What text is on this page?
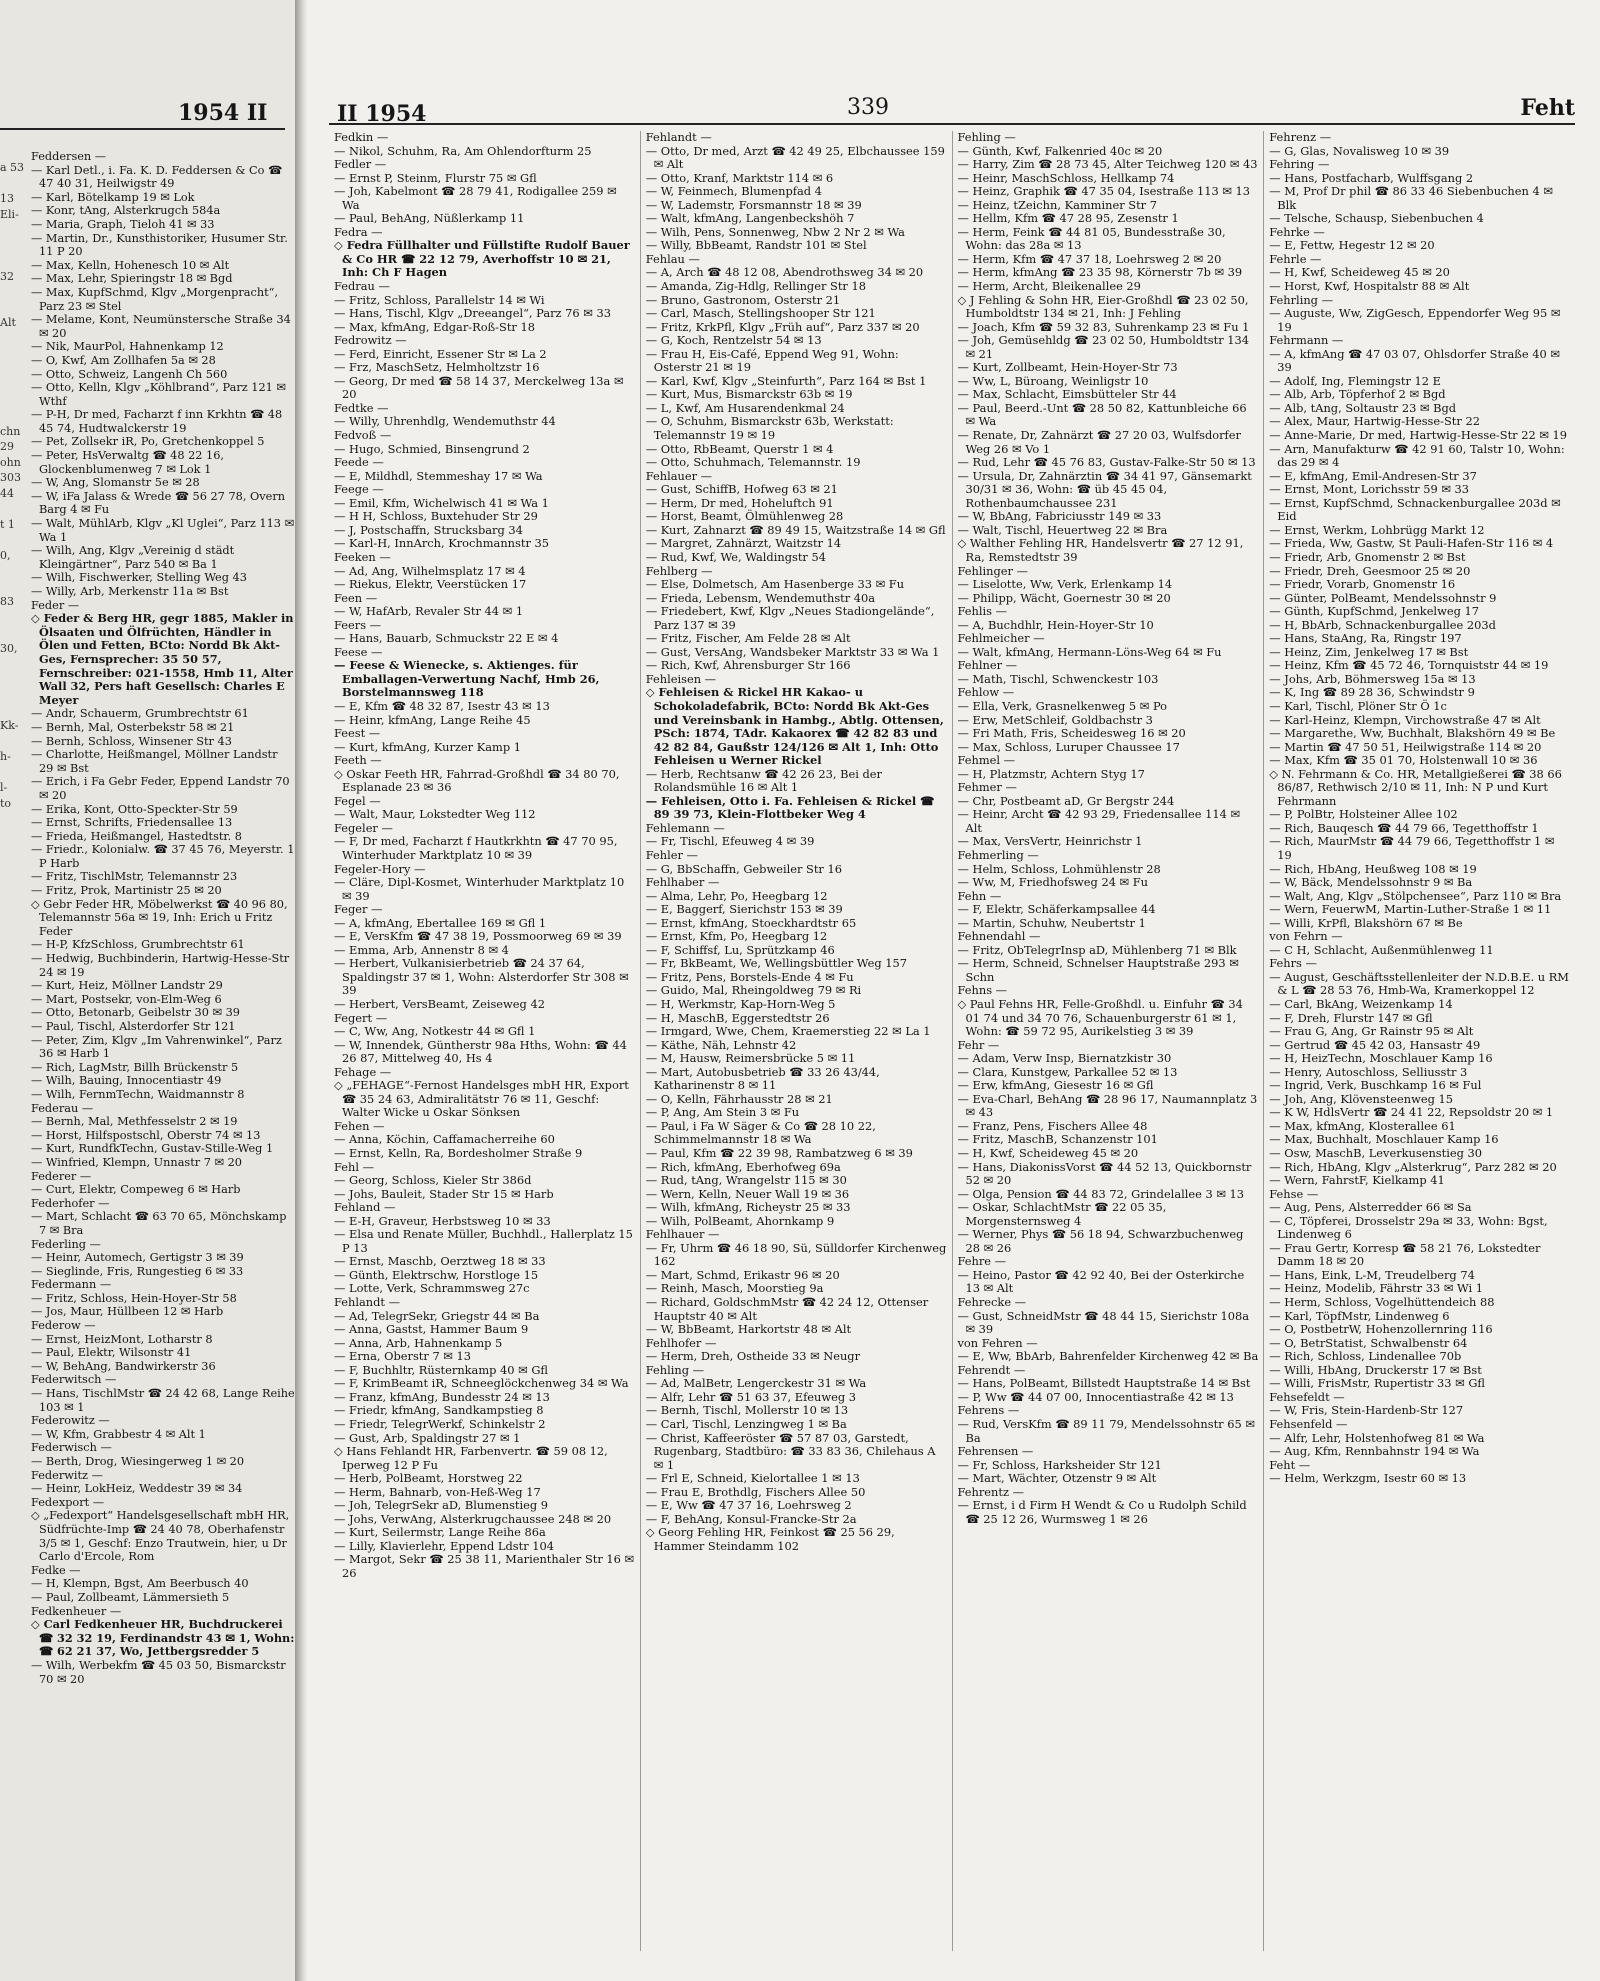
1954 II
a 53

13
Eli-

32

Alt

chn
29
ohn
303
44

t 1

0,

83

30,

Kk-

h-

l-
to

Feddersen —

— Karl Detl., i. Fa. K. D. Feddersen & Co ☎ 47 40 31, Heilwigstr 49

— Karl, Bötelkamp 19 ✉ Lok

— Konr, tAng, Alsterkrugch 584a

— Maria, Graph, Tieloh 41 ✉ 33

— Martin, Dr., Kunsthistoriker, Husumer Str. 11 P 20

— Max, Kelln, Hohenesch 10 ✉ Alt

— Max, Lehr, Spieringstr 18 ✉ Bgd

— Max, KupfSchmd, Klgv „Morgenpracht“, Parz 23 ✉ Stel

— Melame, Kont, Neumünstersche Straße 34 ✉ 20

— Nik, MaurPol, Hahnenkamp 12

— O, Kwf, Am Zollhafen 5a ✉ 28

— Otto, Schweiz, Langenh Ch 560

— Otto, Kelln, Klgv „Köhlbrand“, Parz 121 ✉ Wthf

— P-H, Dr med, Facharzt f inn Krkhtn ☎ 48 45 74, Hudtwalckerstr 19

— Pet, Zollsekr iR, Po, Gretchenkoppel 5

— Peter, HsVerwaltg ☎ 48 22 16, Glockenblumenweg 7 ✉ Lok 1

— W, Ang, Slomanstr 5e ✉ 28

— W, iFa Jalass & Wrede ☎ 56 27 78, Overn Barg 4 ✉ Fu

— Walt, MühlArb, Klgv „Kl Uglei“, Parz 113 ✉ Wa 1

— Wilh, Ang, Klgv „Vereinig d städt Kleingärtner“, Parz 540 ✉ Ba 1

— Wilh, Fischwerker, Stelling Weg 43

— Willy, Arb, Merkenstr 11a ✉ Bst

Feder —

◇ Feder & Berg HR, gegr 1885, Makler in Ölsaaten und Ölfrüchten, Händler in Ölen und Fetten, BCto: Nordd Bk Akt-Ges, Fernsprecher: 35 50 57, Fernschreiber: 021-1558, Hmb 11, Alter Wall 32, Pers haft Gesellsch: Charles E Meyer

— Andr, Schauerm, Grumbrechtstr 61

— Bernh, Mal, Osterbekstr 58 ✉ 21

— Bernh, Schloss, Winsener Str 43

— Charlotte, Heißmangel, Möllner Landstr 29 ✉ Bst

— Erich, i Fa Gebr Feder, Eppend Landstr 70 ✉ 20

— Erika, Kont, Otto-Speckter-Str 59

— Ernst, Schrifts, Friedensallee 13

— Frieda, Heißmangel, Hastedtstr. 8

— Friedr., Kolonialw. ☎ 37 45 76, Meyerstr. 1 P Harb

— Fritz, TischlMstr, Telemannstr 23

— Fritz, Prok, Martinistr 25 ✉ 20

◇ Gebr Feder HR, Möbelwerkst ☎ 40 96 80, Telemannstr 56a ✉ 19, Inh: Erich u Fritz Feder

— H-P, KfzSchloss, Grumbrechtstr 61

— Hedwig, Buchbinderin, Hartwig-Hesse-Str 24 ✉ 19

— Kurt, Heiz, Möllner Landstr 29

— Mart, Postsekr, von-Elm-Weg 6

— Otto, Betonarb, Geibelstr 30 ✉ 39

— Paul, Tischl, Alsterdorfer Str 121

— Peter, Zim, Klgv „Im Vahrenwinkel“, Parz 36 ✉ Harb 1

— Rich, LagMstr, Billh Brückenstr 5

— Wilh, Bauing, Innocentiastr 49

— Wilh, FernmTechn, Waidmannstr 8

Federau —

— Bernh, Mal, Methfesselstr 2 ✉ 19

— Horst, Hilfspostschl, Oberstr 74 ✉ 13

— Kurt, RundfkTechn, Gustav-Stille-Weg 1

— Winfried, Klempn, Unnastr 7 ✉ 20

Federer —

— Curt, Elektr, Compeweg 6 ✉ Harb

Federhofer —

— Mart, Schlacht ☎ 63 70 65, Mönchskamp 7 ✉ Bra

Federling —

— Heinr, Automech, Gertigstr 3 ✉ 39

— Sieglinde, Fris, Rungestieg 6 ✉ 33

Federmann —

— Fritz, Schloss, Hein-Hoyer-Str 58

— Jos, Maur, Hüllbeen 12 ✉ Harb

Federow —

— Ernst, HeizMont, Lotharstr 8

— Paul, Elektr, Wilsonstr 41

— W, BehAng, Bandwirkerstr 36

Federwitsch —

— Hans, TischlMstr ☎ 24 42 68, Lange Reihe 103 ✉ 1

Federowitz —

— W, Kfm, Grabbestr 4 ✉ Alt 1

Federwisch —

— Berth, Drog, Wiesingerweg 1 ✉ 20

Federwitz —

— Heinr, LokHeiz, Weddestr 39 ✉ 34

Fedexport —

◇ „Fedexport“ Handelsgesellschaft mbH HR, Südfrüchte-Imp ☎ 24 40 78, Oberhafenstr 3/5 ✉ 1, Geschf: Enzo Trautwein, hier, u Dr Carlo d'Ercole, Rom

Fedke —

— H, Klempn, Bgst, Am Beerbusch 40

— Paul, Zollbeamt, Lämmersieth 5

Fedkenheuer —

◇ Carl Fedkenheuer HR, Buchdruckerei ☎ 32 32 19, Ferdinandstr 43 ✉ 1, Wohn: ☎ 62 21 37, Wo, Jettbergsredder 5

— Wilh, Werbekfm ☎ 45 03 50, Bismarckstr 70 ✉ 20

II 1954	339	Feht

Fedkin —

— Nikol, Schuhm, Ra, Am Ohlendorfturm 25

Fedler —

— Ernst P, Steinm, Flurstr 75 ✉ Gfl

— Joh, Kabelmont ☎ 28 79 41, Rodigallee 259 ✉ Wa

— Paul, BehAng, Nüßlerkamp 11

Fedra —

◇ Fedra Füllhalter und Füllstifte Rudolf Bauer & Co HR ☎ 22 12 79, Averhoffstr 10 ✉ 21, Inh: Ch F Hagen

Fedrau —

— Fritz, Schloss, Parallelstr 14 ✉ Wi

— Hans, Tischl, Klgv „Dreeangel“, Parz 76 ✉ 33

— Max, kfmAng, Edgar-Roß-Str 18

Fedrowitz —

— Ferd, Einricht, Essener Str ✉ La 2

— Frz, MaschSetz, Helmholtzstr 16

— Georg, Dr med ☎ 58 14 37, Merckelweg 13a ✉ 20

Fedtke —

— Willy, Uhrenhdlg, Wendemuthstr 44

Fedvoß —

— Hugo, Schmied, Binsengrund 2

Feede —

— E, Mildhdl, Stemmeshay 17 ✉ Wa

Feege —

— Emil, Kfm, Wichelwisch 41 ✉ Wa 1

— H H, Schloss, Buxtehuder Str 29

— J, Postschaffn, Strucksbarg 34

— Karl-H, InnArch, Krochmannstr 35

Feeken —

— Ad, Ang, Wilhelmsplatz 17 ✉ 4

— Riekus, Elektr, Veerstücken 17

Feen —

— W, HafArb, Revaler Str 44 ✉ 1

Feers —

— Hans, Bauarb, Schmuckstr 22 E ✉ 4

Feese —

— Feese & Wienecke, s. Aktienges. für Emballagen-Verwertung Nachf, Hmb 26, Borstelmannsweg 118

— E, Kfm ☎ 48 32 87, Isestr 43 ✉ 13

— Heinr, kfmAng, Lange Reihe 45

Feest —

— Kurt, kfmAng, Kurzer Kamp 1

Feeth —

◇ Oskar Feeth HR, Fahrrad-Großhdl ☎ 34 80 70, Esplanade 23 ✉ 36

Fegel —

— Walt, Maur, Lokstedter Weg 112

Fegeler —

— F, Dr med, Facharzt f Hautkrkhtn ☎ 47 70 95, Winterhuder Marktplatz 10 ✉ 39

Fegeler-Hory —

— Cläre, Dipl-Kosmet, Winterhuder Marktplatz 10 ✉ 39

Feger —

— A, kfmAng, Ebertallee 169 ✉ Gfl 1

— E, VersKfm ☎ 47 38 19, Possmoorweg 69 ✉ 39

— Emma, Arb, Annenstr 8 ✉ 4

— Herbert, Vulkanisierbetrieb ☎ 24 37 64, Spaldingstr 37 ✉ 1, Wohn: Alsterdorfer Str 308 ✉ 39

— Herbert, VersBeamt, Zeiseweg 42

Fegert —

— C, Ww, Ang, Notkestr 44 ✉ Gfl 1

— W, Innendek, Güntherstr 98a Hths, Wohn: ☎ 44 26 87, Mittelweg 40, Hs 4

Fehage —

◇ „FEHAGE“-Fernost Handelsges mbH HR, Export ☎ 35 24 63, Admiralitätstr 76 ✉ 11, Geschf: Walter Wicke u Oskar Sönksen

Fehen —

— Anna, Köchin, Caffamacherreihe 60

— Ernst, Kelln, Ra, Bordesholmer Straße 9

Fehl —

— Georg, Schloss, Kieler Str 386d

— Johs, Bauleit, Stader Str 15 ✉ Harb

Fehland —

— E-H, Graveur, Herbstsweg 10 ✉ 33

— Elsa und Renate Müller, Buchhdl., Hallerplatz 15 P 13

— Ernst, Maschb, Oerztweg 18 ✉ 33

— Günth, Elektrschw, Horstloge 15

— Lotte, Verk, Schrammsweg 27c

Fehlandt —

— Ad, TelegrSekr, Griegstr 44 ✉ Ba

— Anna, Gastst, Hammer Baum 9

— Anna, Arb, Hahnenkamp 5

— Erna, Oberstr 7 ✉ 13

— F, Buchhltr, Rüsternkamp 40 ✉ Gfl

— F, KrimBeamt iR, Schneeglöckchenweg 34 ✉ Wa

— Franz, kfmAng, Bundesstr 24 ✉ 13

— Friedr, kfmAng, Sandkampstieg 8

— Friedr, TelegrWerkf, Schinkelstr 2

— Gust, Arb, Spaldingstr 27 ✉ 1

◇ Hans Fehlandt HR, Farbenvertr. ☎ 59 08 12, Iperweg 12 P Fu

— Herb, PolBeamt, Horstweg 22

— Herm, Bahnarb, von-Heß-Weg 17

— Joh, TelegrSekr aD, Blumenstieg 9

— Johs, VerwAng, Alsterkrugchaussee 248 ✉ 20

— Kurt, Seilermstr, Lange Reihe 86a

— Lilly, Klavierlehr, Eppend Ldstr 104

— Margot, Sekr ☎ 25 38 11, Marienthaler Str 16 ✉ 26

Fehlandt —

— Otto, Dr med, Arzt ☎ 42 49 25, Elbchaussee 159 ✉ Alt

— Otto, Kranf, Marktstr 114 ✉ 6

— W, Feinmech, Blumenpfad 4

— W, Lademstr, Forsmannstr 18 ✉ 39

— Walt, kfmAng, Langenbeckshöh 7

— Wilh, Pens, Sonnenweg, Nbw 2 Nr 2 ✉ Wa

— Willy, BbBeamt, Randstr 101 ✉ Stel

Fehlau —

— A, Arch ☎ 48 12 08, Abendrothsweg 34 ✉ 20

— Amanda, Zig-Hdlg, Rellinger Str 18

— Bruno, Gastronom, Osterstr 21

— Carl, Masch, Stellingshooper Str 121

— Fritz, KrkPfl, Klgv „Früh auf“, Parz 337 ✉ 20

— G, Koch, Rentzelstr 54 ✉ 13

— Frau H, Eis-Café, Eppend Weg 91, Wohn: Osterstr 21 ✉ 19

— Karl, Kwf, Klgv „Steinfurth“, Parz 164 ✉ Bst 1

— Kurt, Mus, Bismarckstr 63b ✉ 19

— L, Kwf, Am Husarendenkmal 24

— O, Schuhm, Bismarckstr 63b, Werkstatt: Telemannstr 19 ✉ 19

— Otto, RbBeamt, Querstr 1 ✉ 4

— Otto, Schuhmach, Telemannstr. 19

Fehlauer —

— Gust, SchiffB, Hofweg 63 ✉ 21

— Herm, Dr med, Hoheluftch 91

— Horst, Beamt, Ölmühlenweg 28

— Kurt, Zahnarzt ☎ 89 49 15, Waitzstraße 14 ✉ Gfl

— Margret, Zahnärzt, Waitzstr 14

— Rud, Kwf, We, Waldingstr 54

Fehlberg —

— Else, Dolmetsch, Am Hasenberge 33 ✉ Fu

— Frieda, Lebensm, Wendemuthstr 40a

— Friedebert, Kwf, Klgv „Neues Stadiongelände“, Parz 137 ✉ 39

— Fritz, Fischer, Am Felde 28 ✉ Alt

— Gust, VersAng, Wandsbeker Marktstr 33 ✉ Wa 1

— Rich, Kwf, Ahrensburger Str 166

Fehleisen —

◇ Fehleisen & Rickel HR Kakao- u Schokoladefabrik, BCto: Nordd Bk Akt-Ges und Vereinsbank in Hambg., Abtlg. Ottensen, PSch: 1874, TAdr. Kakaorex ☎ 42 82 83 und 42 82 84, Gaußstr 124/126 ✉ Alt 1, Inh: Otto Fehleisen u Werner Rickel

— Herb, Rechtsanw ☎ 42 26 23, Bei der Rolandsmühle 16 ✉ Alt 1

— Fehleisen, Otto i. Fa. Fehleisen & Rickel ☎ 89 39 73, Klein-Flottbeker Weg 4

Fehlemann —

— Fr, Tischl, Efeuweg 4 ✉ 39

Fehler —

— G, BbSchaffn, Gebweiler Str 16

Fehlhaber —

— Alma, Lehr, Po, Heegbarg 12

— E, Baggerf, Sierichstr 153 ✉ 39

— Ernst, kfmAng, Stoeckhardtstr 65

— Ernst, Kfm, Po, Heegbarg 12

— F, Schiffsf, Lu, Sprützkamp 46

— Fr, BkBeamt, We, Wellingsbüttler Weg 157

— Fritz, Pens, Borstels-Ende 4 ✉ Fu

— Guido, Mal, Rheingoldweg 79 ✉ Ri

— H, Werkmstr, Kap-Horn-Weg 5

— H, MaschB, Eggerstedtstr 26

— Irmgard, Wwe, Chem, Kraemerstieg 22 ✉ La 1

— Käthe, Näh, Lehnstr 42

— M, Hausw, Reimersbrücke 5 ✉ 11

— Mart, Autobusbetrieb ☎ 33 26 43/44, Katharinenstr 8 ✉ 11

— O, Kelln, Fährhausstr 28 ✉ 21

— P, Ang, Am Stein 3 ✉ Fu

— Paul, i Fa W Säger & Co ☎ 28 10 22, Schimmelmannstr 18 ✉ Wa

— Paul, Kfm ☎ 22 39 98, Rambatzweg 6 ✉ 39

— Rich, kfmAng, Eberhofweg 69a

— Rud, tAng, Wrangelstr 115 ✉ 30

— Wern, Kelln, Neuer Wall 19 ✉ 36

— Wilh, kfmAng, Richeystr 25 ✉ 33

— Wilh, PolBeamt, Ahornkamp 9

Fehlhauer —

— Fr, Uhrm ☎ 46 18 90, Sü, Sülldorfer Kirchenweg 162

— Mart, Schmd, Erikastr 96 ✉ 20

— Reinh, Masch, Moorstieg 9a

— Richard, GoldschmMstr ☎ 42 24 12, Ottenser Hauptstr 40 ✉ Alt

— W, BbBeamt, Harkortstr 48 ✉ Alt

Fehlhofer —

— Herm, Dreh, Ostheide 33 ✉ Neugr

Fehling —

— Ad, MalBetr, Lengerckestr 31 ✉ Wa

— Alfr, Lehr ☎ 51 63 37, Efeuweg 3

— Bernh, Tischl, Mollerstr 10 ✉ 13

— Carl, Tischl, Lenzingweg 1 ✉ Ba

— Christ, Kaffeeröster ☎ 57 87 03, Garstedt, Rugenbarg, Stadtbüro: ☎ 33 83 36, Chilehaus A ✉ 1

— Frl E, Schneid, Kielortallee 1 ✉ 13

— Frau E, Brothdlg, Fischers Allee 50

— E, Ww ☎ 47 37 16, Loehrsweg 2

— F, BehAng, Konsul-Francke-Str 2a

◇ Georg Fehling HR, Feinkost ☎ 25 56 29, Hammer Steindamm 102

Fehling —

— Günth, Kwf, Falkenried 40c ✉ 20

— Harry, Zim ☎ 28 73 45, Alter Teichweg 120 ✉ 43

— Heinr, MaschSchloss, Hellkamp 74

— Heinz, Graphik ☎ 47 35 04, Isestraße 113 ✉ 13

— Heinz, tZeichn, Kamminer Str 7

— Hellm, Kfm ☎ 47 28 95, Zesenstr 1

— Herm, Feink ☎ 44 81 05, Bundesstraße 30, Wohn: das 28a ✉ 13

— Herm, Kfm ☎ 47 37 18, Loehrsweg 2 ✉ 20

— Herm, kfmAng ☎ 23 35 98, Körnerstr 7b ✉ 39

— Herm, Archt, Bleikenallee 29

◇ J Fehling & Sohn HR, Eier-Großhdl ☎ 23 02 50, Humboldtstr 134 ✉ 21, Inh: J Fehling

— Joach, Kfm ☎ 59 32 83, Suhrenkamp 23 ✉ Fu 1

— Joh, Gemüsehldg ☎ 23 02 50, Humboldtstr 134 ✉ 21

— Kurt, Zollbeamt, Hein-Hoyer-Str 73

— Ww, L, Büroang, Weinligstr 10

— Max, Schlacht, Eimsbütteler Str 44

— Paul, Beerd.-Unt ☎ 28 50 82, Kattunbleiche 66 ✉ Wa

— Renate, Dr, Zahnärzt ☎ 27 20 03, Wulfsdorfer Weg 26 ✉ Vo 1

— Rud, Lehr ☎ 45 76 83, Gustav-Falke-Str 50 ✉ 13

— Ursula, Dr, Zahnärztin ☎ 34 41 97, Gänsemarkt 30/31 ✉ 36, Wohn: ☎ üb 45 45 04, Rothenbaumchaussee 231

— W, BbAng, Fabriciusstr 149 ✉ 33

— Walt, Tischl, Heuertweg 22 ✉ Bra

◇ Walther Fehling HR, Handelsvertr ☎ 27 12 91, Ra, Remstedtstr 39

Fehlinger —

— Liselotte, Ww, Verk, Erlenkamp 14

— Philipp, Wächt, Goernestr 30 ✉ 20

Fehlis —

— A, Buchdhlr, Hein-Hoyer-Str 10

Fehlmeicher —

— Walt, kfmAng, Hermann-Löns-Weg 64 ✉ Fu

Fehlner —

— Math, Tischl, Schwenckestr 103

Fehlow —

— Ella, Verk, Grasnelkenweg 5 ✉ Po

— Erw, MetSchleif, Goldbachstr 3

— Fri Math, Fris, Scheidesweg 16 ✉ 20

— Max, Schloss, Luruper Chaussee 17

Fehmel —

— H, Platzmstr, Achtern Styg 17

Fehmer —

— Chr, Postbeamt aD, Gr Bergstr 244

— Heinr, Archt ☎ 42 93 29, Friedensallee 114 ✉ Alt

— Max, VersVertr, Heinrichstr 1

Fehmerling —

— Helm, Schloss, Lohmühlenstr 28

— Ww, M, Friedhofsweg 24 ✉ Fu

Fehn —

— F, Elektr, Schäferkampsallee 44

— Martin, Schuhw, Neubertstr 1

Fehnendahl —

— Fritz, ObTelegrInsp aD, Mühlenberg 71 ✉ Blk

— Herm, Schneid, Schnelser Hauptstraße 293 ✉ Schn

Fehns —

◇ Paul Fehns HR, Felle-Großhdl. u. Einfuhr ☎ 34 01 74 und 34 70 76, Schauenburgerstr 61 ✉ 1, Wohn: ☎ 59 72 95, Aurikelstieg 3 ✉ 39

Fehr —

— Adam, Verw Insp, Biernatzkistr 30

— Clara, Kunstgew, Parkallee 52 ✉ 13

— Erw, kfmAng, Giesestr 16 ✉ Gfl

— Eva-Charl, BehAng ☎ 28 96 17, Naumannplatz 3 ✉ 43

— Franz, Pens, Fischers Allee 48

— Fritz, MaschB, Schanzenstr 101

— H, Kwf, Scheideweg 45 ✉ 20

— Hans, DiakonissVorst ☎ 44 52 13, Quickbornstr 52 ✉ 20

— Olga, Pension ☎ 44 83 72, Grindelallee 3 ✉ 13

— Oskar, SchlachtMstr ☎ 22 05 35, Morgensternsweg 4

— Werner, Phys ☎ 56 18 94, Schwarzbuchenweg 28 ✉ 26

Fehre —

— Heino, Pastor ☎ 42 92 40, Bei der Osterkirche 13 ✉ Alt

Fehrecke —

— Gust, SchneidMstr ☎ 48 44 15, Sierichstr 108a ✉ 39

von Fehren —

— E, Ww, BbArb, Bahrenfelder Kirchenweg 42 ✉ Ba

Fehrendt —

— Hans, PolBeamt, Billstedt Hauptstraße 14 ✉ Bst

— P, Ww ☎ 44 07 00, Innocentiastraße 42 ✉ 13

Fehrens —

— Rud, VersKfm ☎ 89 11 79, Mendelssohnstr 65 ✉ Ba

Fehrensen —

— Fr, Schloss, Harksheider Str 121

— Mart, Wächter, Otzenstr 9 ✉ Alt

Fehrentz —

— Ernst, i d Firm H Wendt & Co u Rudolph Schild ☎ 25 12 26, Wurmsweg 1 ✉ 26

Fehrenz —

— G, Glas, Novalisweg 10 ✉ 39

Fehring —

— Hans, Postfacharb, Wulffsgang 2

— M, Prof Dr phil ☎ 86 33 46 Siebenbuchen 4 ✉ Blk

— Telsche, Schausp, Siebenbuchen 4

Fehrke —

— E, Fettw, Hegestr 12 ✉ 20

Fehrle —

— H, Kwf, Scheideweg 45 ✉ 20

— Horst, Kwf, Hospitalstr 88 ✉ Alt

Fehrling —

— Auguste, Ww, ZigGesch, Eppendorfer Weg 95 ✉ 19

Fehrmann —

— A, kfmAng ☎ 47 03 07, Ohlsdorfer Straße 40 ✉ 39

— Adolf, Ing, Flemingstr 12 E

— Alb, Arb, Töpferhof 2 ✉ Bgd

— Alb, tAng, Soltaustr 23 ✉ Bgd

— Alex, Maur, Hartwig-Hesse-Str 22

— Anne-Marie, Dr med, Hartwig-Hesse-Str 22 ✉ 19

— Arn, Manufakturw ☎ 42 91 60, Talstr 10, Wohn: das 29 ✉ 4

— E, kfmAng, Emil-Andresen-Str 37

— Ernst, Mont, Lorichsstr 59 ✉ 33

— Ernst, KupfSchmd, Schnackenburgallee 203d ✉ Eid

— Ernst, Werkm, Lohbrügg Markt 12

— Frieda, Ww, Gastw, St Pauli-Hafen-Str 116 ✉ 4

— Friedr, Arb, Gnomenstr 2 ✉ Bst

— Friedr, Dreh, Geesmoor 25 ✉ 20

— Friedr, Vorarb, Gnomenstr 16

— Günter, PolBeamt, Mendelssohnstr 9

— Günth, KupfSchmd, Jenkelweg 17

— H, BbArb, Schnackenburgallee 203d

— Hans, StaAng, Ra, Ringstr 197

— Heinz, Zim, Jenkelweg 17 ✉ Bst

— Heinz, Kfm ☎ 45 72 46, Tornquiststr 44 ✉ 19

— Johs, Arb, Böhmersweg 15a ✉ 13

— K, Ing ☎ 89 28 36, Schwindstr 9

— Karl, Tischl, Plöner Str Ö 1c

— Karl-Heinz, Klempn, Virchowstraße 47 ✉ Alt

— Margarethe, Ww, Buchhalt, Blakshörn 49 ✉ Be

— Martin ☎ 47 50 51, Heilwigstraße 114 ✉ 20

— Max, Kfm ☎ 35 01 70, Holstenwall 10 ✉ 36

◇ N. Fehrmann & Co. HR, Metallgießerei ☎ 38 66 86/87, Rethwisch 2/10 ✉ 11, Inh: N P und Kurt Fehrmann

— P, PolBtr, Holsteiner Allee 102

— Rich, Bauqesch ☎ 44 79 66, Tegetthoffstr 1

— Rich, MaurMstr ☎ 44 79 66, Tegetthoffstr 1 ✉ 19

— Rich, HbAng, Heußweg 108 ✉ 19

— W, Bäck, Mendelssohnstr 9 ✉ Ba

— Walt, Ang, Klgv „Stölpchensee“, Parz 110 ✉ Bra

— Wern, FeuerwM, Martin-Luther-Straße 1 ✉ 11

— Willi, KrPfl, Blakshörn 67 ✉ Be

von Fehrn —

— C H, Schlacht, Außenmühlenweg 11

Fehrs —

— August, Geschäftsstellenleiter der N.D.B.E. u RM & L ☎ 28 53 76, Hmb-Wa, Kramerkoppel 12

— Carl, BkAng, Weizenkamp 14

— F, Dreh, Flurstr 147 ✉ Gfl

— Frau G, Ang, Gr Rainstr 95 ✉ Alt

— Gertrud ☎ 45 42 03, Hansastr 49

— H, HeizTechn, Moschlauer Kamp 16

— Henry, Autoschloss, Selliusstr 3

— Ingrid, Verk, Buschkamp 16 ✉ Ful

— Joh, Ang, Klövensteenweg 15

— K W, HdlsVertr ☎ 24 41 22, Repsoldstr 20 ✉ 1

— Max, kfmAng, Klosterallee 61

— Max, Buchhalt, Moschlauer Kamp 16

— Osw, MaschB, Leverkusenstieg 30

— Rich, HbAng, Klgv „Alsterkrug“, Parz 282 ✉ 20

— Wern, FahrstF, Kielkamp 41

Fehse —

— Aug, Pens, Alsterredder 66 ✉ Sa

— C, Töpferei, Drosselstr 29a ✉ 33, Wohn: Bgst, Lindenweg 6

— Frau Gertr, Korresp ☎ 58 21 76, Lokstedter Damm 18 ✉ 20

— Hans, Eink, L-M, Treudelberg 74

— Heinz, Modelib, Fährstr 33 ✉ Wi 1

— Herm, Schloss, Vogelhüttendeich 88

— Karl, TöpfMstr, Lindenweg 6

— O, PostbetrW, Hohenzollernring 116

— O, BetrStatist, Schwalbenstr 64

— Rich, Schloss, Lindenallee 70b

— Willi, HbAng, Druckerstr 17 ✉ Bst

— Willi, FrisMstr, Rupertistr 33 ✉ Gfl

Fehsefeldt —

— W, Fris, Stein-Hardenb-Str 127

Fehsenfeld —

— Alfr, Lehr, Holstenhofweg 81 ✉ Wa

— Aug, Kfm, Rennbahnstr 194 ✉ Wa

Feht —

— Helm, Werkzgm, Isestr 60 ✉ 13
